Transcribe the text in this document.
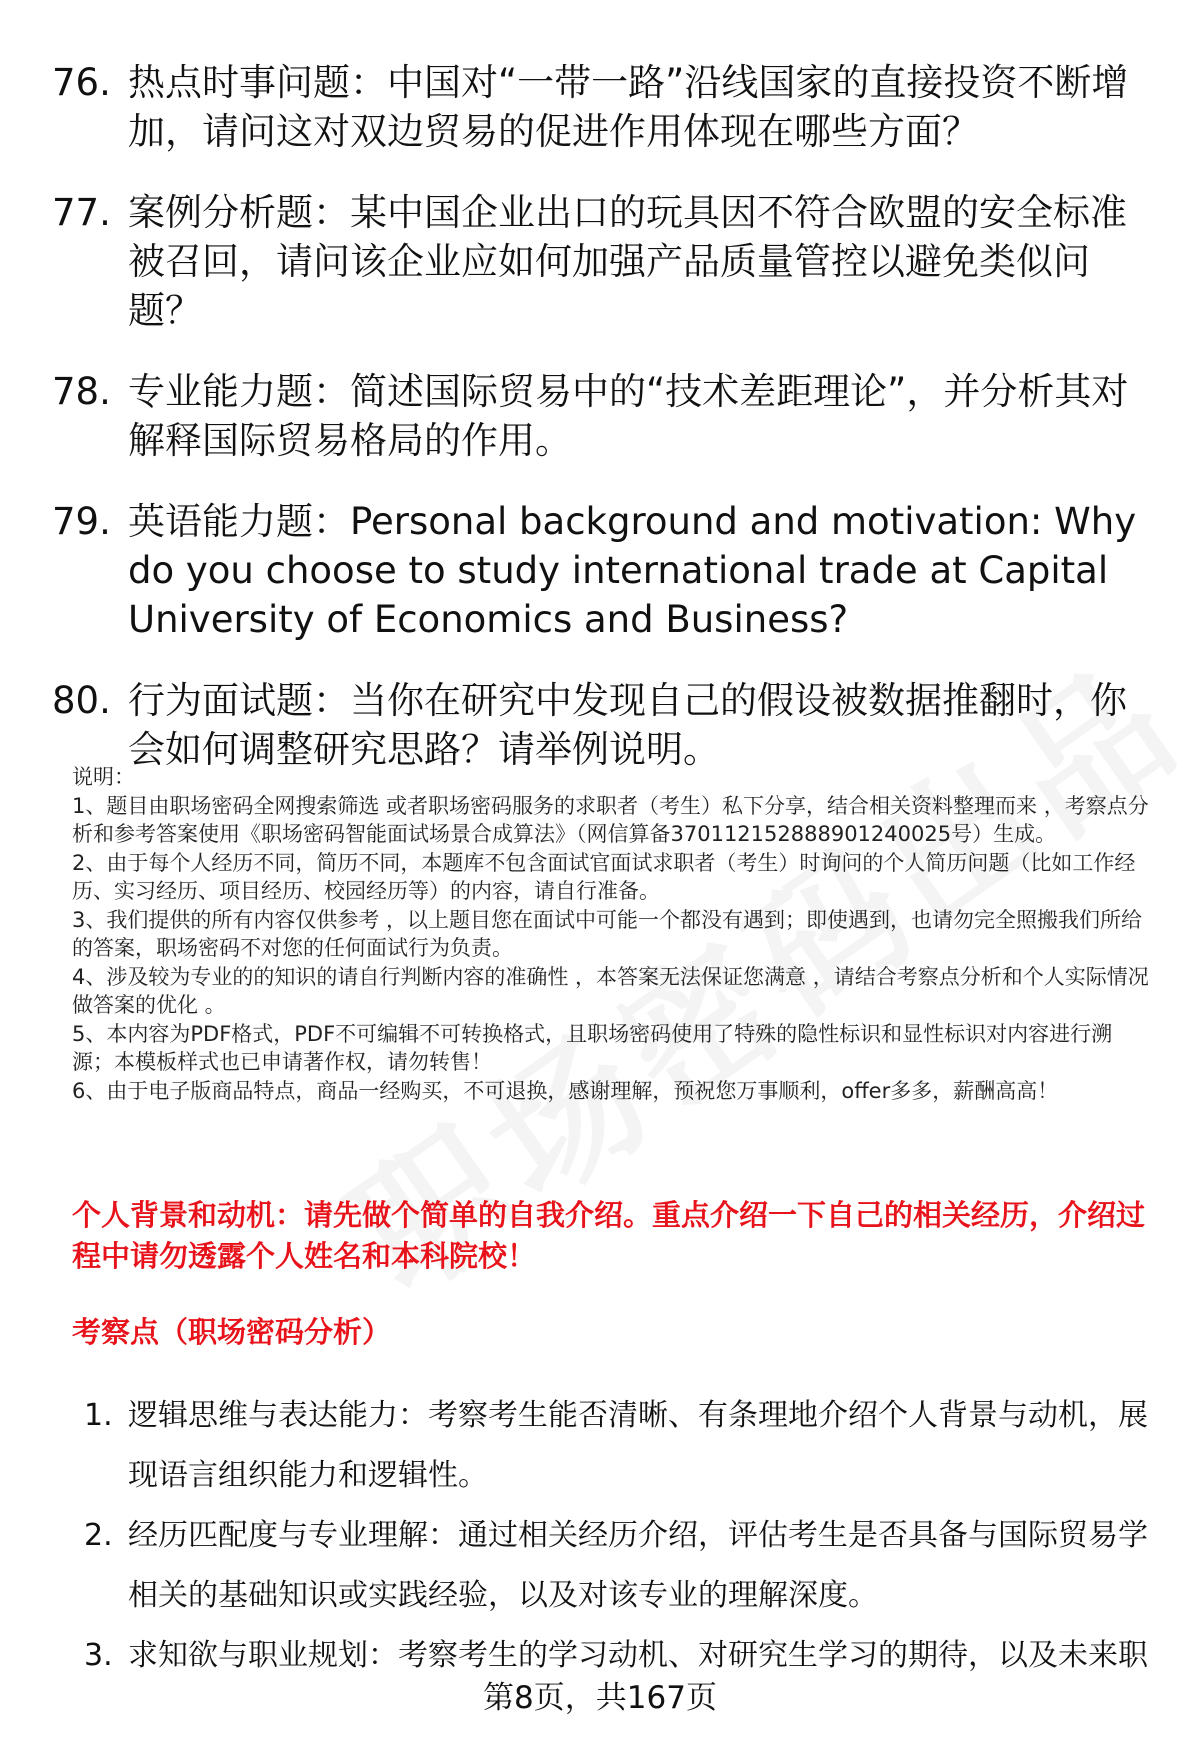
76. 热点时事问题：中国对“一带一路”沿线国家的直接投资不断增加，请问这对双边贸易的促进作用体现在哪些方面？
77. 案例分析题：某中国企业出口的玩具因不符合欧盟的安全标准被召回，请问该企业应如何加强产品质量管控以避免类似问题？
78. 专业能力题：简述国际贸易中的“技术差距理论”，并分析其对解释国际贸易格局的作用。
79. 英语能力题：Personal background and motivation: Why do you choose to study international trade at Capital University of Economics and Business?
80. 行为面试题：当你在研究中发现自己的假设被数据推翻时，你会如何调整研究思路？请举例说明。

说明：

1、题目由职场密码全网搜索筛选 或者职场密码服务的求职者（考生）私下分享，结合相关资料整理而来 ，考察点分析和参考答案使用《职场密码智能面试场景合成算法》（网信算备370112152888901240025号）生成。

2、由于每个人经历不同，简历不同，本题库不包含面试官面试求职者（考生）时询问的个人简历问题（比如工作经历、实习经历、项目经历、校园经历等）的内容，请自行准备。

3、我们提供的所有内容仅供参考 ，以上题目您在面试中可能一个都没有遇到；即使遇到，也请勿完全照搬我们所给的答案，职场密码不对您的任何面试行为负责。

4、涉及较为专业的的知识的请自行判断内容的准确性 ，本答案无法保证您满意 ，请结合考察点分析和个人实际情况做答案的优化 。

5、本内容为PDF格式，PDF不可编辑不可转换格式，且职场密码使用了特殊的隐性标识和显性标识对内容进行溯源；本模板样式也已申请著作权，请勿转售！

6、由于电子版商品特点，商品一经购买，不可退换，感谢理解，预祝您万事顺利，offer多多，薪酬高高！

个人背景和动机：请先做个简单的自我介绍。重点介绍一下自己的相关经历，介绍过程中请勿透露个人姓名和本科院校！
考察点（职场密码分析）
1. 逻辑思维与表达能力：考察考生能否清晰、有条理地介绍个人背景与动机，展现语言组织能力和逻辑性。
2. 经历匹配度与专业理解：通过相关经历介绍，评估考生是否具备与国际贸易学相关的基础知识或实践经验，以及对该专业的理解深度。
3. 求知欲与职业规划：考察考生的学习动机、对研究生学习的期待，以及未来职
第8页，共167页
